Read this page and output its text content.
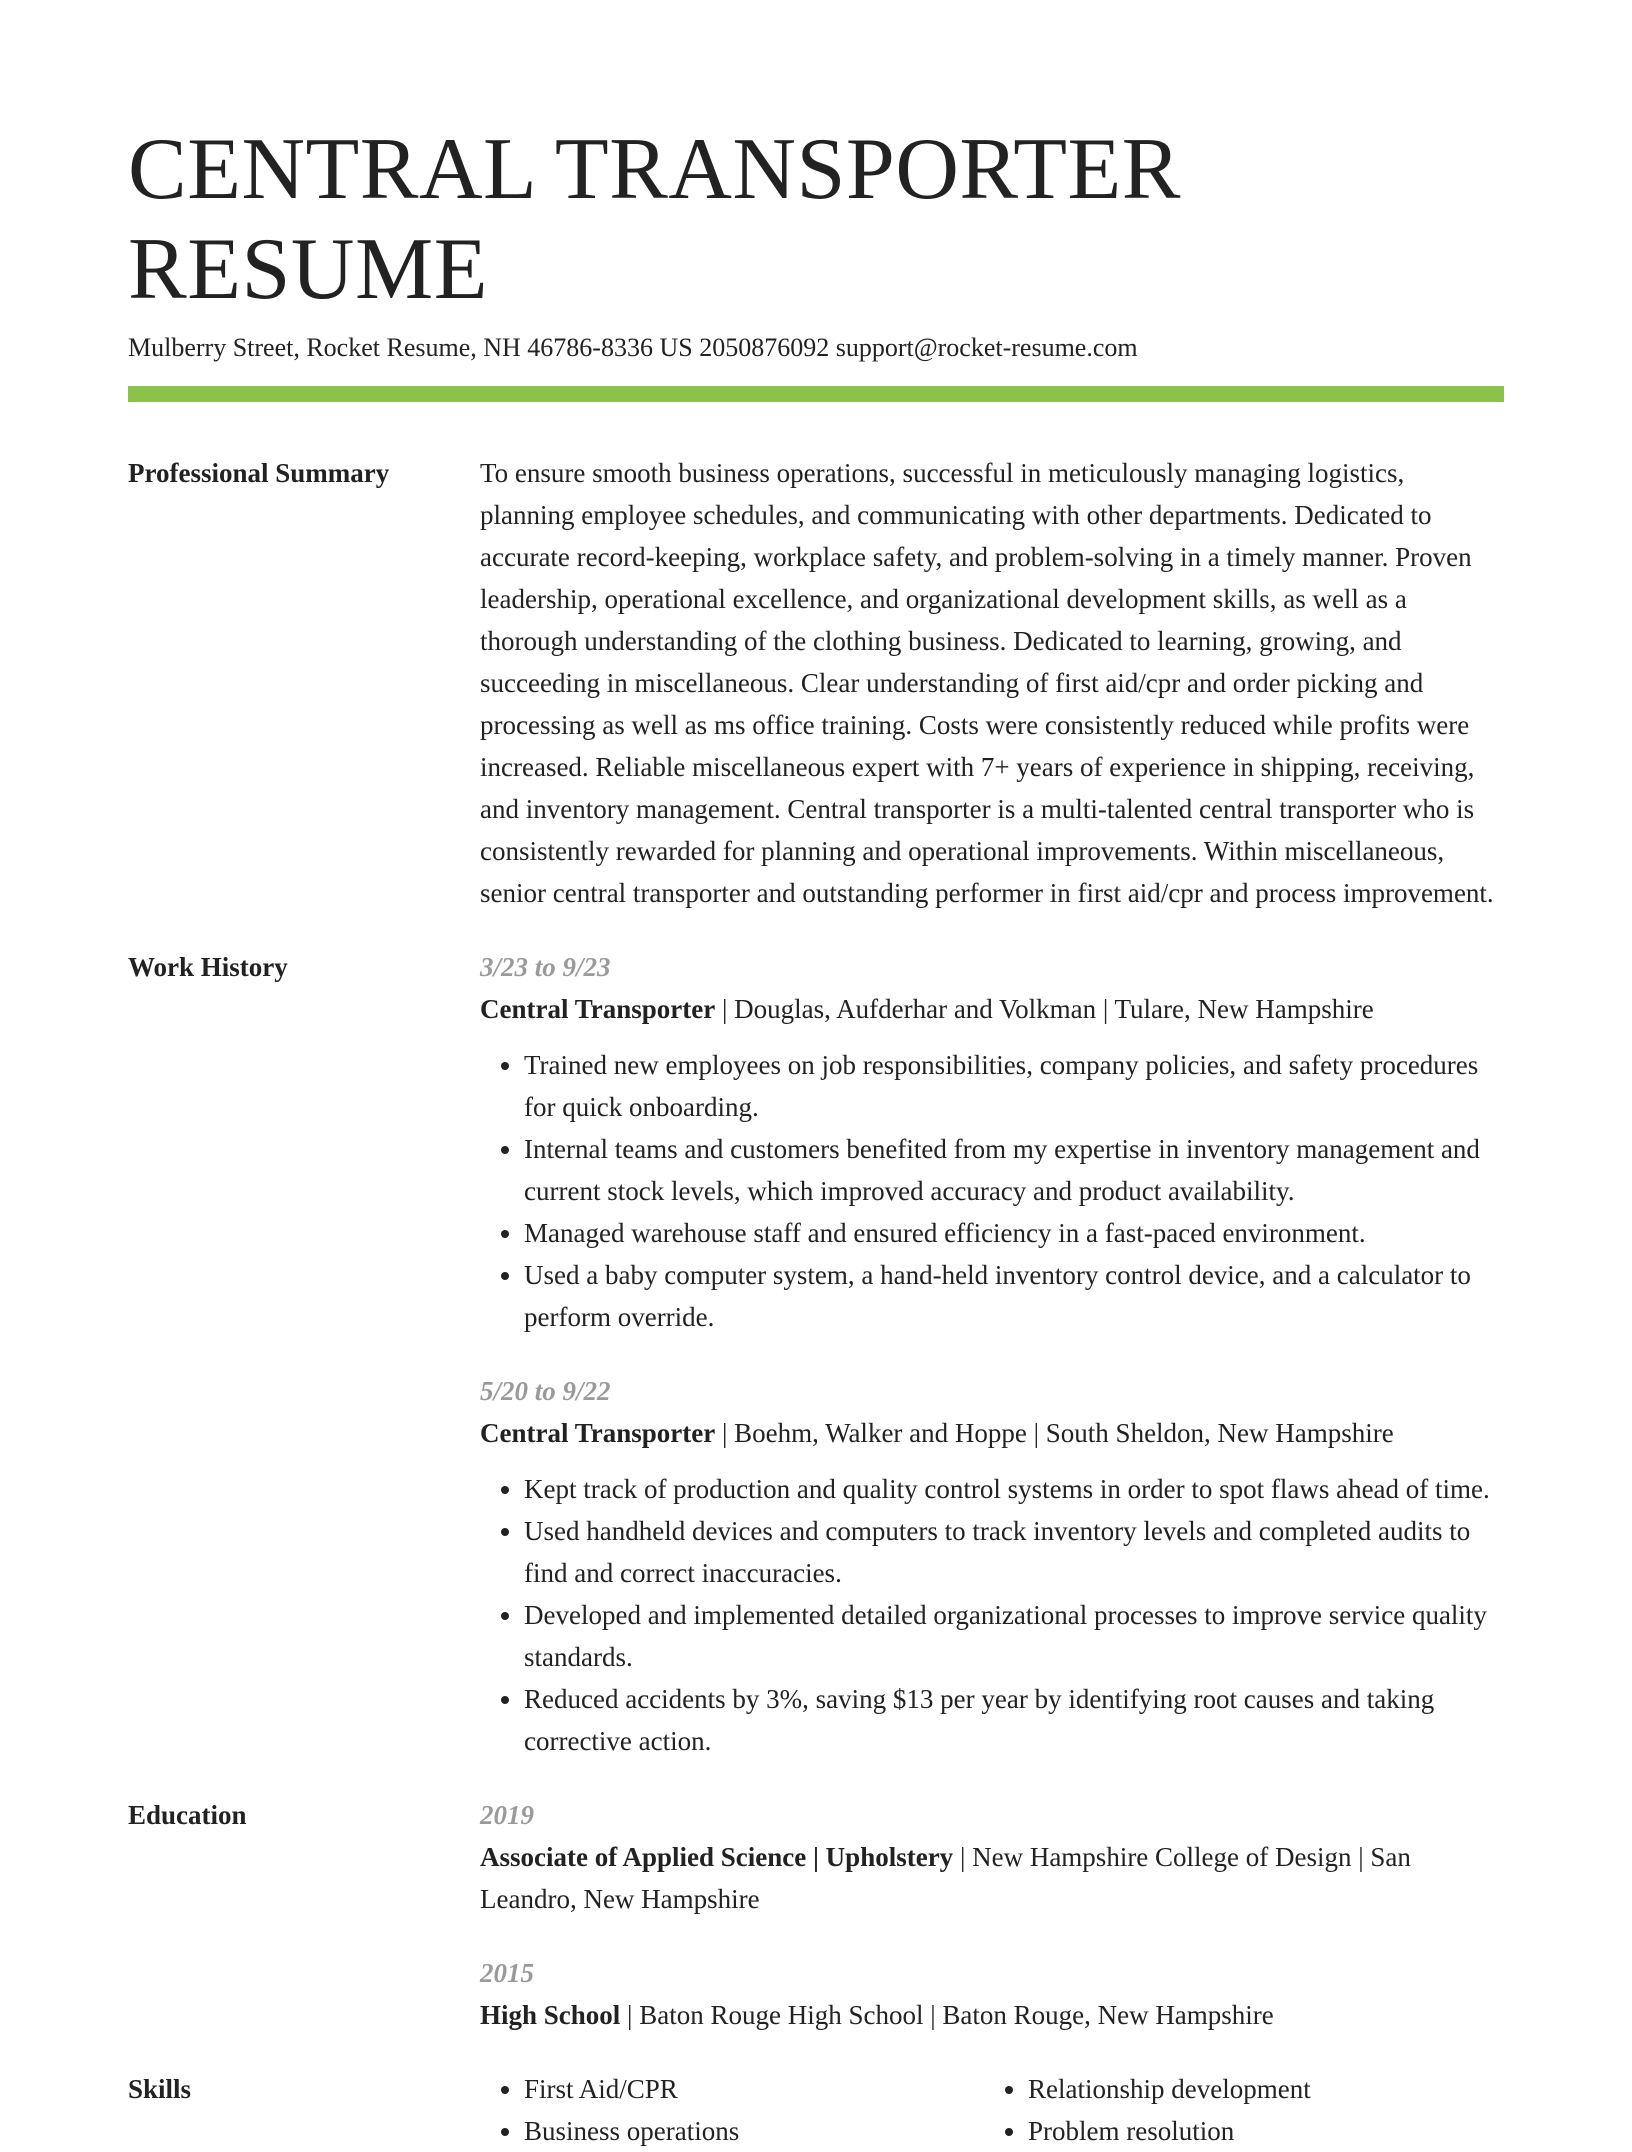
CENTRAL TRANSPORTER RESUME
Mulberry Street, Rocket Resume, NH 46786-8336 US 2050876092 support@rocket-resume.com
Professional Summary	To ensure smooth business operations, successful in meticulously managing logistics, planning employee schedules, and communicating with other departments. Dedicated to accurate record-keeping, workplace safety, and problem-solving in a timely manner. Proven leadership, operational excellence, and organizational development skills, as well as a thorough understanding of the clothing business. Dedicated to learning, growing, and succeeding in miscellaneous. Clear understanding of first aid/cpr and order picking and processing as well as ms office training. Costs were consistently reduced while profits were increased. Reliable miscellaneous expert with 7+ years of experience in shipping, receiving, and inventory management. Central transporter is a multi-talented central transporter who is consistently rewarded for planning and operational improvements. Within miscellaneous, senior central transporter and outstanding performer in first aid/cpr and process improvement.
Work History	3/23 to 9/23
Central Transporter | Douglas, Aufderhar and Volkman | Tulare, New Hampshire
• Trained new employees on job responsibilities, company policies, and safety procedures for quick onboarding.
• Internal teams and customers benefited from my expertise in inventory management and current stock levels, which improved accuracy and product availability.
• Managed warehouse staff and ensured efficiency in a fast-paced environment.
• Used a baby computer system, a hand-held inventory control device, and a calculator to perform override.
5/20 to 9/22
Central Transporter | Boehm, Walker and Hoppe | South Sheldon, New Hampshire
• Kept track of production and quality control systems in order to spot flaws ahead of time.
• Used handheld devices and computers to track inventory levels and completed audits to find and correct inaccuracies.
• Developed and implemented detailed organizational processes to improve service quality standards.
• Reduced accidents by 3%, saving $13 per year by identifying root causes and taking corrective action.
Education	2019
Associate of Applied Science | Upholstery | New Hampshire College of Design | San Leandro, New Hampshire
2015
High School | Baton Rouge High School | Baton Rouge, New Hampshire
Skills
•	First Aid/CPR
• Business operations
• Relationship development
• Problem resolution
